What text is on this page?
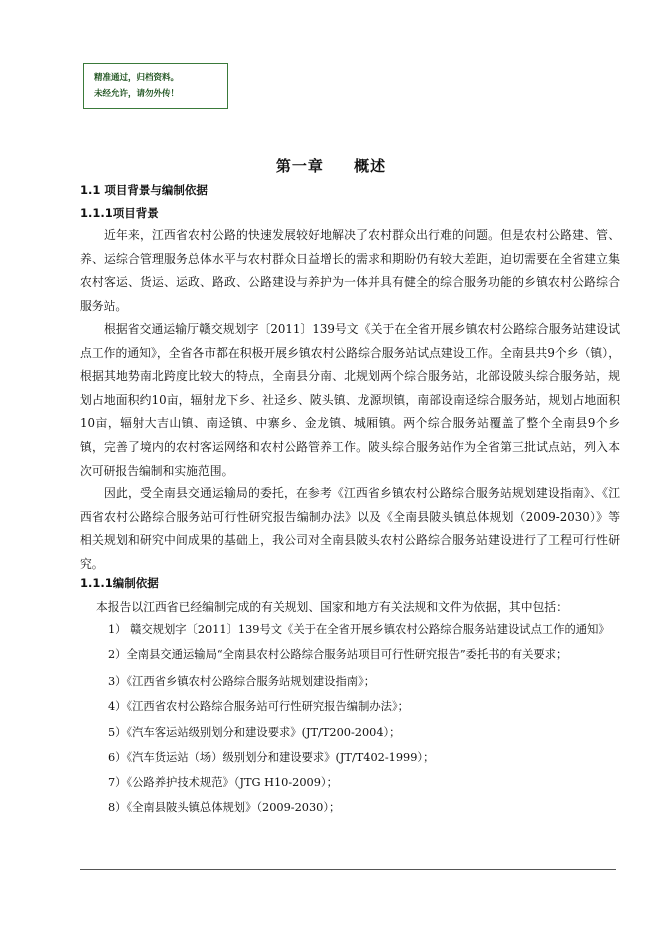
精准通过，归档资料。
未经允许，请勿外传！
第一章 概述
1.1 项目背景与编制依据
1.1.1项目背景

近年来，江西省农村公路的快速发展较好地解决了农村群众出行难的问题。但是农村公路建、管、养、运综合管理服务总体水平与农村群众日益增长的需求和期盼仍有较大差距，迫切需要在全省建立集农村客运、货运、运政、路政、公路建设与养护为一体并具有健全的综合服务功能的乡镇农村公路综合服务站。

根据省交通运输厅赣交规划字〔2011〕139号文《关于在全省开展乡镇农村公路综合服务站建设试点工作的通知》，全省各市都在积极开展乡镇农村公路综合服务站试点建设工作。全南县共9个乡（镇），根据其地势南北跨度比较大的特点，全南县分南、北规划两个综合服务站，北部设陂头综合服务站，规划占地面积约10亩，辐射龙下乡、社迳乡、陂头镇、龙源坝镇，南部设南迳综合服务站，规划占地面积10亩，辐射大吉山镇、南迳镇、中寨乡、金龙镇、城厢镇。两个综合服务站覆盖了整个全南县9个乡镇，完善了境内的农村客运网络和农村公路管养工作。陂头综合服务站作为全省第三批试点站，列入本次可研报告编制和实施范围。

因此，受全南县交通运输局的委托，在参考《江西省乡镇农村公路综合服务站规划建设指南》、《江西省农村公路综合服务站可行性研究报告编制办法》以及《全南县陂头镇总体规划（2009-2030）》等相关规划和研究中间成果的基础上，我公司对全南县陂头农村公路综合服务站建设进行了工程可行性研究。

1.1.1编制依据

本报告以江西省已经编制完成的有关规划、国家和地方有关法规和文件为依据，其中包括：

1） 赣交规划字〔2011〕139号文《关于在全省开展乡镇农村公路综合服务站建设试点工作的通知》
2）全南县交通运输局“全南县农村公路综合服务站项目可行性研究报告”委托书的有关要求；
3）《江西省乡镇农村公路综合服务站规划建设指南》；
4）《江西省农村公路综合服务站可行性研究报告编制办法》；
5）《汽车客运站级别划分和建设要求》(JT/T200-2004）；
6）《汽车货运站（场）级别划分和建设要求》(JT/T402-1999）；
7）《公路养护技术规范》（JTG H10-2009）；
8）《全南县陂头镇总体规划》（2009-2030）；
